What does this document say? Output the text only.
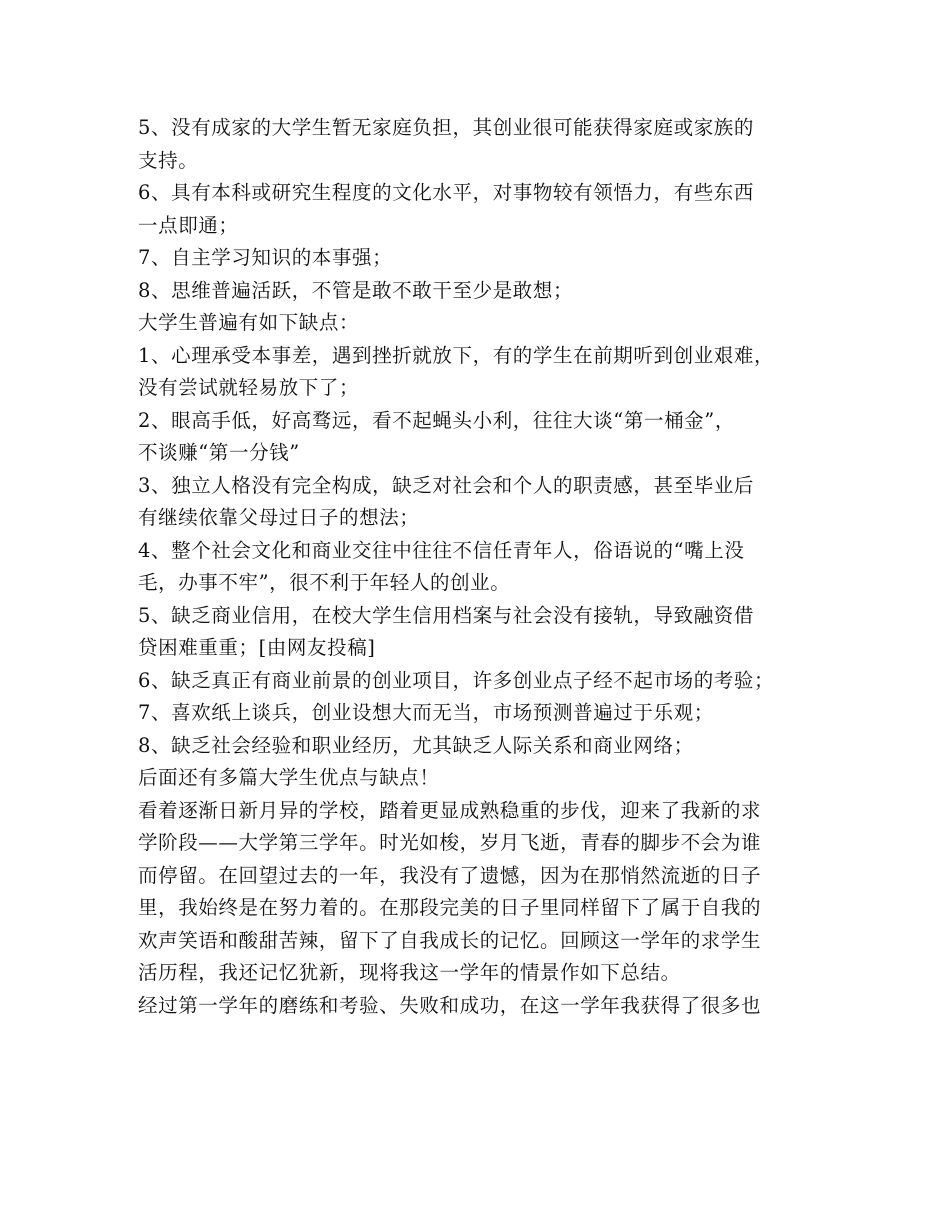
5、没有成家的大学生暂无家庭负担，其创业很可能获得家庭或家族的
支持。
6、具有本科或研究生程度的文化水平，对事物较有领悟力，有些东西
一点即通；
7、自主学习知识的本事强；
8、思维普遍活跃，不管是敢不敢干至少是敢想；
大学生普遍有如下缺点：
1、心理承受本事差，遇到挫折就放下，有的学生在前期听到创业艰难，
没有尝试就轻易放下了；
2、眼高手低，好高骛远，看不起蝇头小利，往往大谈“第一桶金”，
不谈赚“第一分钱”
3、独立人格没有完全构成，缺乏对社会和个人的职责感，甚至毕业后
有继续依靠父母过日子的想法；
4、整个社会文化和商业交往中往往不信任青年人，俗语说的“嘴上没
毛，办事不牢”，很不利于年轻人的创业。
5、缺乏商业信用，在校大学生信用档案与社会没有接轨，导致融资借
贷困难重重；[由网友投稿]
6、缺乏真正有商业前景的创业项目，许多创业点子经不起市场的考验；
7、喜欢纸上谈兵，创业设想大而无当，市场预测普遍过于乐观；
8、缺乏社会经验和职业经历，尤其缺乏人际关系和商业网络；
后面还有多篇大学生优点与缺点！
看着逐渐日新月异的学校，踏着更显成熟稳重的步伐，迎来了我新的求
学阶段——大学第三学年。时光如梭，岁月飞逝，青春的脚步不会为谁
而停留。在回望过去的一年，我没有了遗憾，因为在那悄然流逝的日子
里，我始终是在努力着的。在那段完美的日子里同样留下了属于自我的
欢声笑语和酸甜苦辣，留下了自我成长的记忆。回顾这一学年的求学生
活历程，我还记忆犹新，现将我这一学年的情景作如下总结。
经过第一学年的磨练和考验、失败和成功，在这一学年我获得了很多也
